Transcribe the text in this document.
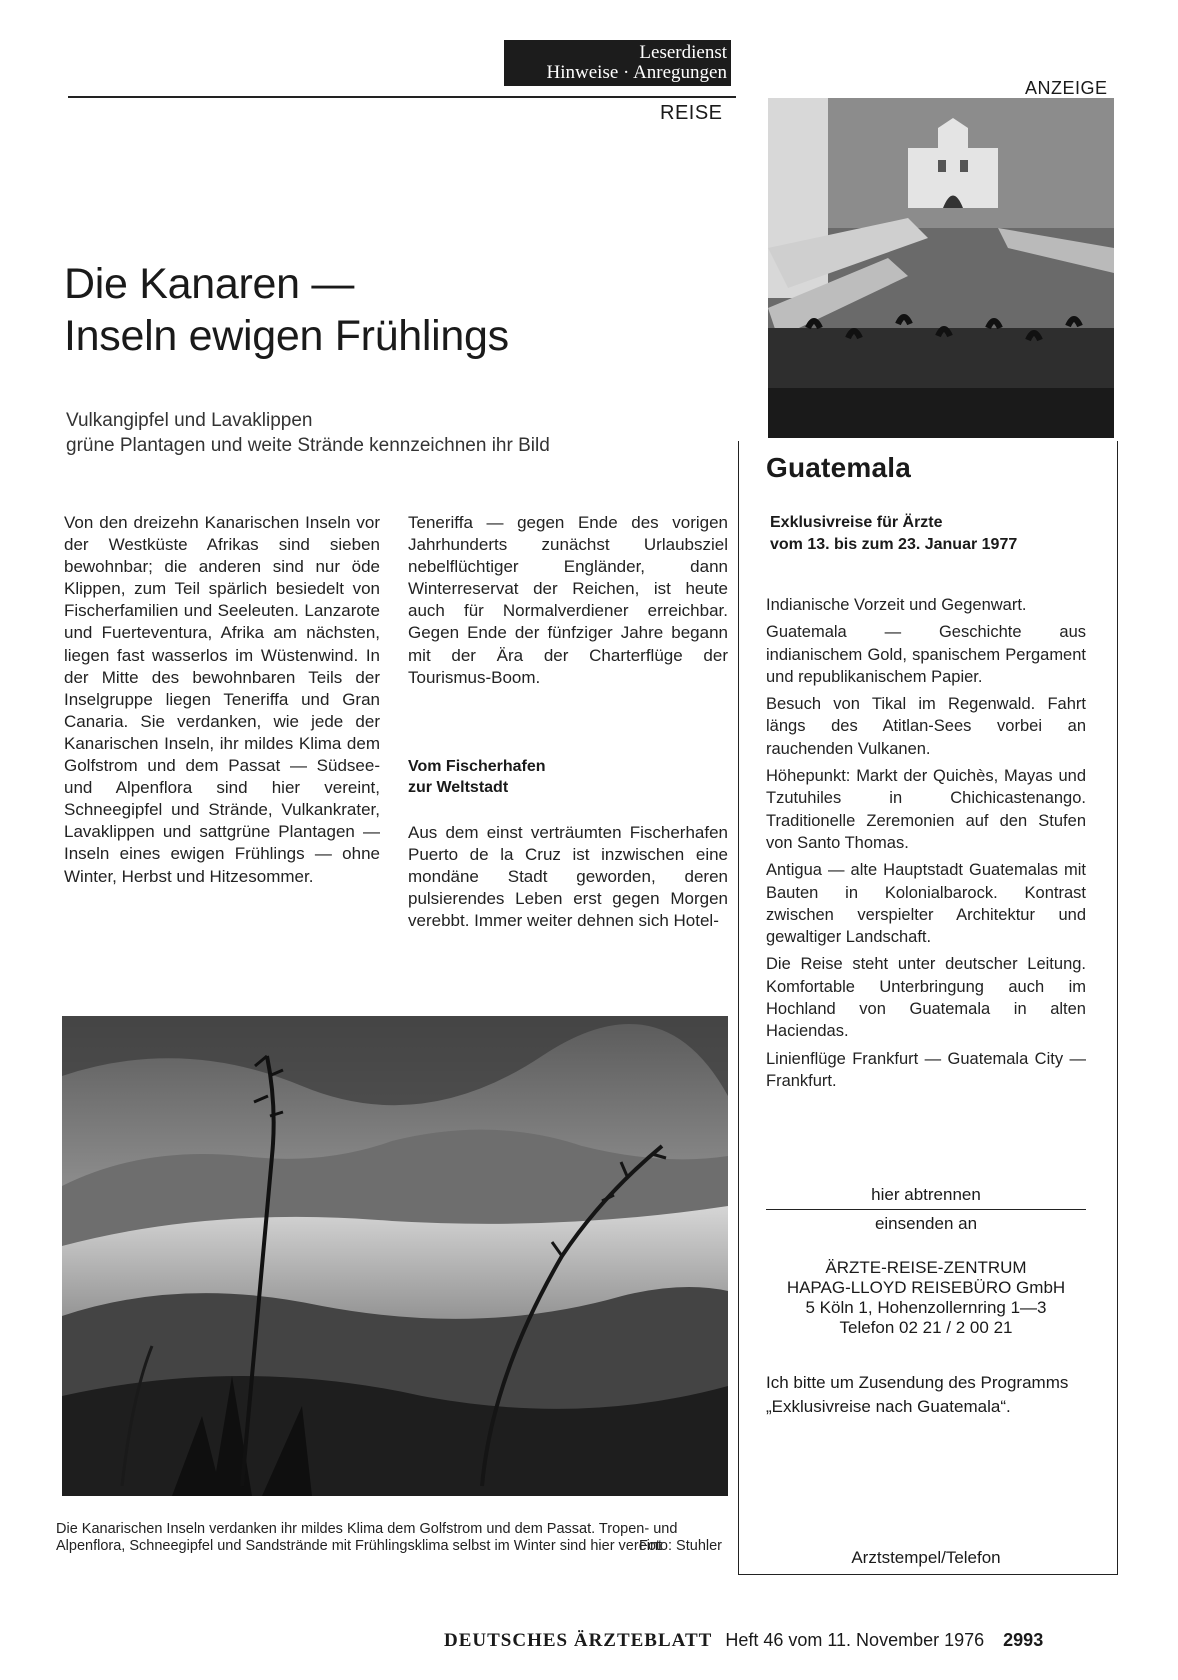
Leserdienst
Hinweise · Anregungen
REISE
ANZEIGE
Die Kanaren —
Inseln ewigen Frühlings
Vulkangipfel und Lavaklippen
grüne Plantagen und weite Strände kennzeichnen ihr Bild
Von den dreizehn Kanarischen Inseln vor der Westküste Afrikas sind sieben bewohnbar; die anderen sind nur öde Klippen, zum Teil spärlich besiedelt von Fischerfamilien und Seeleuten. Lanzarote und Fuerteventura, Afrika am nächsten, liegen fast wasserlos im Wüstenwind. In der Mitte des bewohnbaren Teils der Inselgruppe liegen Teneriffa und Gran Canaria. Sie verdanken, wie jede der Kanarischen Inseln, ihr mildes Klima dem Golfstrom und dem Passat — Südsee- und Alpenflora sind hier vereint, Schneegipfel und Strände, Vulkankrater, Lavaklippen und sattgrüne Plantagen — Inseln eines ewigen Frühlings — ohne Winter, Herbst und Hitzesommer.
Teneriffa — gegen Ende des vorigen Jahrhunderts zunächst Urlaubsziel nebelflüchtiger Engländer, dann Winterreservat der Reichen, ist heute auch für Normalverdiener erreichbar. Gegen Ende der fünfziger Jahre begann mit der Ära der Charterflüge der Tourismus-Boom.
Vom Fischerhafen
zur Weltstadt
Aus dem einst verträumten Fischerhafen Puerto de la Cruz ist inzwischen eine mondäne Stadt geworden, deren pulsierendes Leben erst gegen Morgen verebbt. Immer weiter dehnen sich Hotel-
Die Kanarischen Inseln verdanken ihr mildes Klima dem Golfstrom und dem Passat. Tropen- und Alpenflora, Schneegipfel und Sandstrände mit Frühlingsklima selbst im Winter sind hier vereint
Foto: Stuhler
Guatemala
Exklusivreise für Ärzte
vom 13. bis zum 23. Januar 1977

Indianische Vorzeit und Gegenwart.

Guatemala — Geschichte aus indianischem Gold, spanischem Pergament und republikanischem Papier.

Besuch von Tikal im Regenwald. Fahrt längs des Atitlan-Sees vorbei an rauchenden Vulkanen.

Höhepunkt: Markt der Quichès, Mayas und Tzutuhiles in Chichicastenango. Traditionelle Zeremonien auf den Stufen von Santo Thomas.

Antigua — alte Hauptstadt Guatemalas mit Bauten in Kolonialbarock. Kontrast zwischen verspielter Architektur und gewaltiger Landschaft.

Die Reise steht unter deutscher Leitung. Komfortable Unterbringung auch im Hochland von Guatemala in alten Haciendas.

Linienflüge Frankfurt — Guatemala City — Frankfurt.

hier abtrennen
einsenden an
ÄRZTE-REISE-ZENTRUM
HAPAG-LLOYD REISEBÜRO GmbH
5 Köln 1, Hohenzollernring 1—3
Telefon 02 21 / 2 00 21

Ich bitte um Zusendung des Programms

„Exklusivreise nach Guatemala“.

Arztstempel/Telefon
DEUTSCHES ÄRZTEBLATT Heft 46 vom 11. November 1976 2993
